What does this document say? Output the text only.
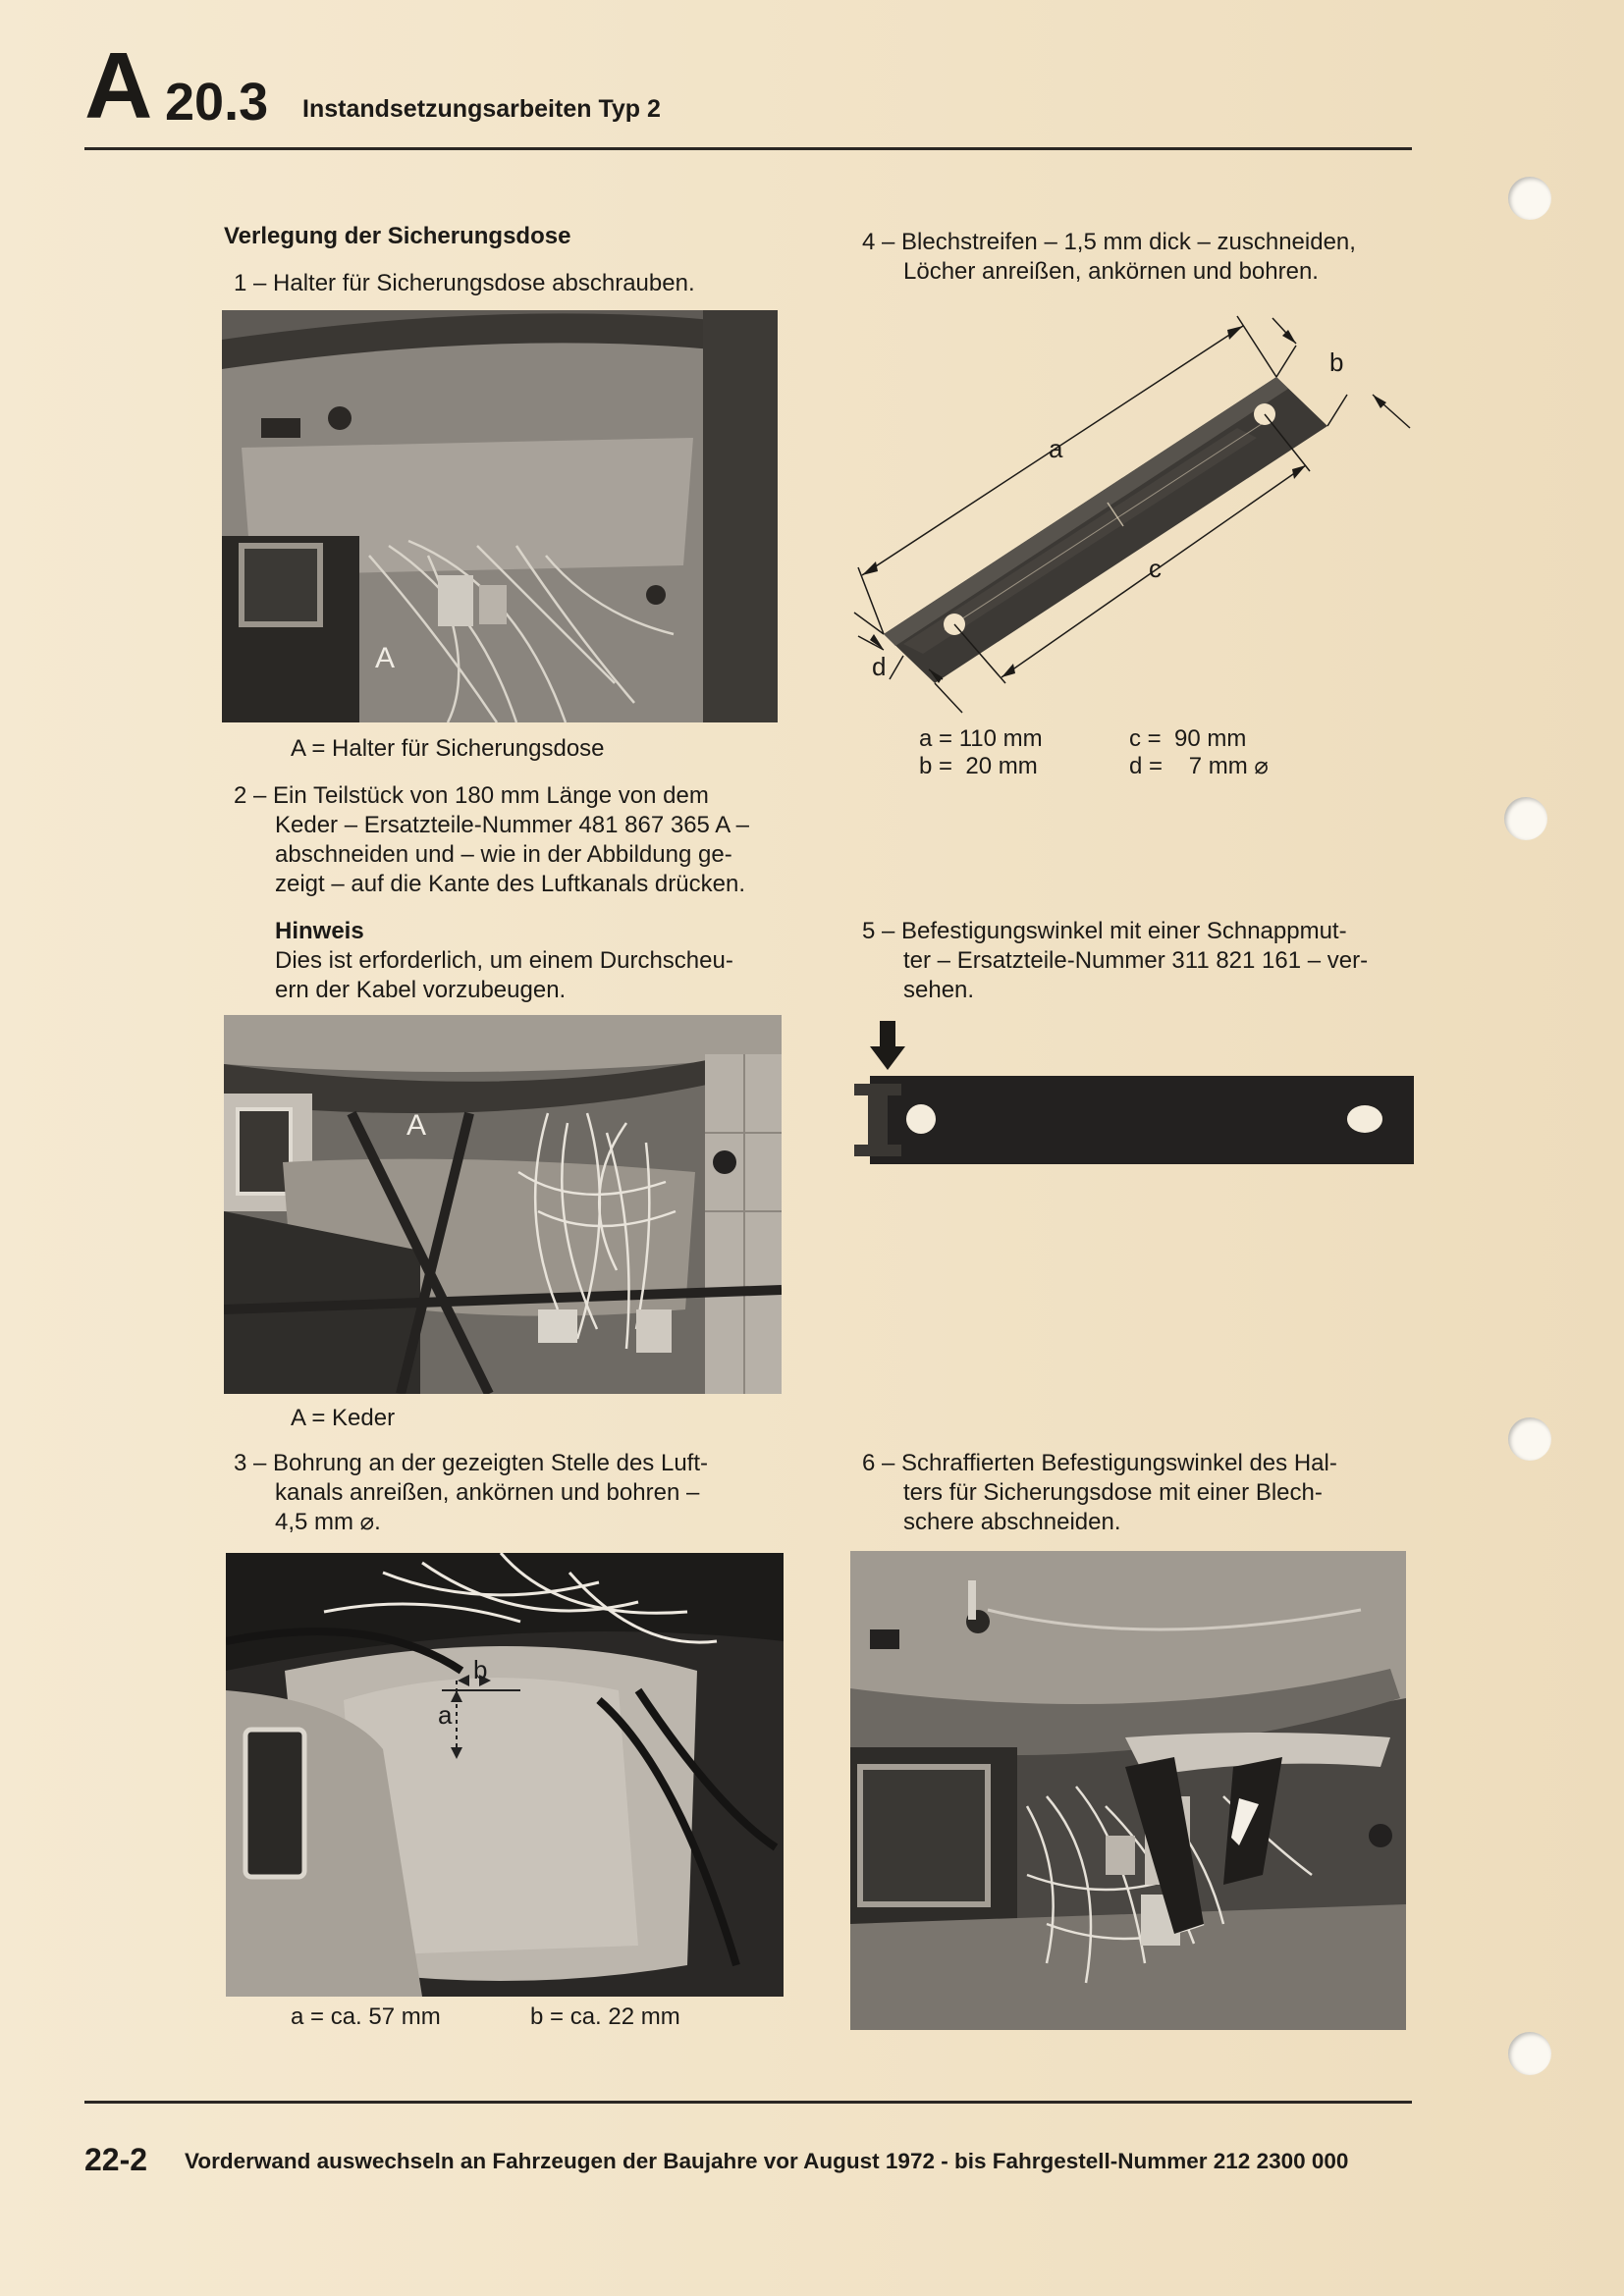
A 20.3 Instandsetzungsarbeiten Typ 2
Verlegung der Sicherungsdose
1 – Halter für Sicherungsdose abschrauben.
A
A = Halter für Sicherungsdose
2 – Ein Teilstück von 180 mm Länge von dem
Keder – Ersatzteile-Nummer 481 867 365 A –
abschneiden und – wie in der Abbildung ge-
zeigt – auf die Kante des Luftkanals drücken.
Hinweis
Dies ist erforderlich, um einem Durchscheu-
ern der Kabel vorzubeugen.
A
A = Keder
3 – Bohrung an der gezeigten Stelle des Luft-
kanals anreißen, ankörnen und bohren –
4,5 mm ⌀.
a
b
a = ca. 57 mm	b = ca. 22 mm
4 – Blechstreifen – 1,5 mm dick – zuschneiden,
Löcher anreißen, ankörnen und bohren.
a
b
c
d
a = 110 mm
b =  20 mm
c =  90 mm
d =    7 mm ⌀
5 – Befestigungswinkel mit einer Schnappmut-
ter – Ersatzteile-Nummer 311 821 161 – ver-
sehen.
6 – Schraffierten Befestigungswinkel des Hal-
ters für Sicherungsdose mit einer Blech-
schere abschneiden.
22-2 Vorderwand auswechseln an Fahrzeugen der Baujahre vor August 1972 - bis Fahrgestell-Nummer 212 2300 000
